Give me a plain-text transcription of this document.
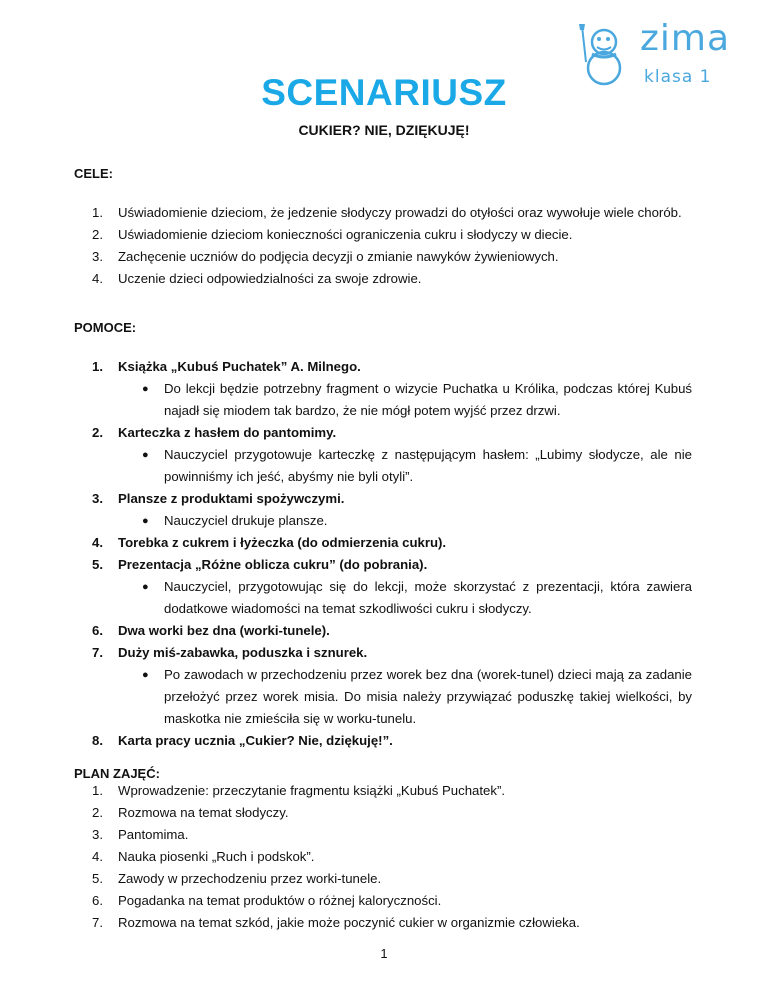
zima
klasa 1
SCENARIUSZ
CUKIER? NIE, DZIĘKUJĘ!
CELE:
1. Uświadomienie dzieciom, że jedzenie słodyczy prowadzi do otyłości oraz wywołuje wiele chorób.
2. Uświadomienie dzieciom konieczności ograniczenia cukru i słodyczy w diecie.
3. Zachęcenie uczniów do podjęcia decyzji o zmianie nawyków żywieniowych.
4. Uczenie dzieci odpowiedzialności za swoje zdrowie.
POMOCE:
1. Książka „Kubuś Puchatek” A. Milnego.
● Do lekcji będzie potrzebny fragment o wizycie Puchatka u Królika, podczas której Kubuś najadł się miodem tak bardzo, że nie mógł potem wyjść przez drzwi.
2. Karteczka z hasłem do pantomimy.
● Nauczyciel przygotowuje karteczkę z następującym hasłem: „Lubimy słodycze, ale nie powinniśmy ich jeść, abyśmy nie byli otyli”.
3. Plansze z produktami spożywczymi.
● Nauczyciel drukuje plansze.
4. Torebka z cukrem i łyżeczka (do odmierzenia cukru).
5. Prezentacja „Różne oblicza cukru” (do pobrania).
● Nauczyciel, przygotowując się do lekcji, może skorzystać z prezentacji, która zawiera dodatkowe wiadomości na temat szkodliwości cukru i słodyczy.
6. Dwa worki bez dna (worki-tunele).
7. Duży miś-zabawka, poduszka i sznurek.
● Po zawodach w przechodzeniu przez worek bez dna (worek-tunel) dzieci mają za zadanie przełożyć przez worek misia. Do misia należy przywiązać poduszkę takiej wielkości, by maskotka nie zmieściła się w worku-tunelu.
8. Karta pracy ucznia „Cukier? Nie, dziękuję!”.
PLAN ZAJĘĆ:
1. Wprowadzenie: przeczytanie fragmentu książki „Kubuś Puchatek”.
2. Rozmowa na temat słodyczy.
3. Pantomima.
4. Nauka piosenki „Ruch i podskok”.
5. Zawody w przechodzeniu przez worki-tunele.
6. Pogadanka na temat produktów o różnej kaloryczności.
7. Rozmowa na temat szkód, jakie może poczynić cukier w organizmie człowieka.
1
